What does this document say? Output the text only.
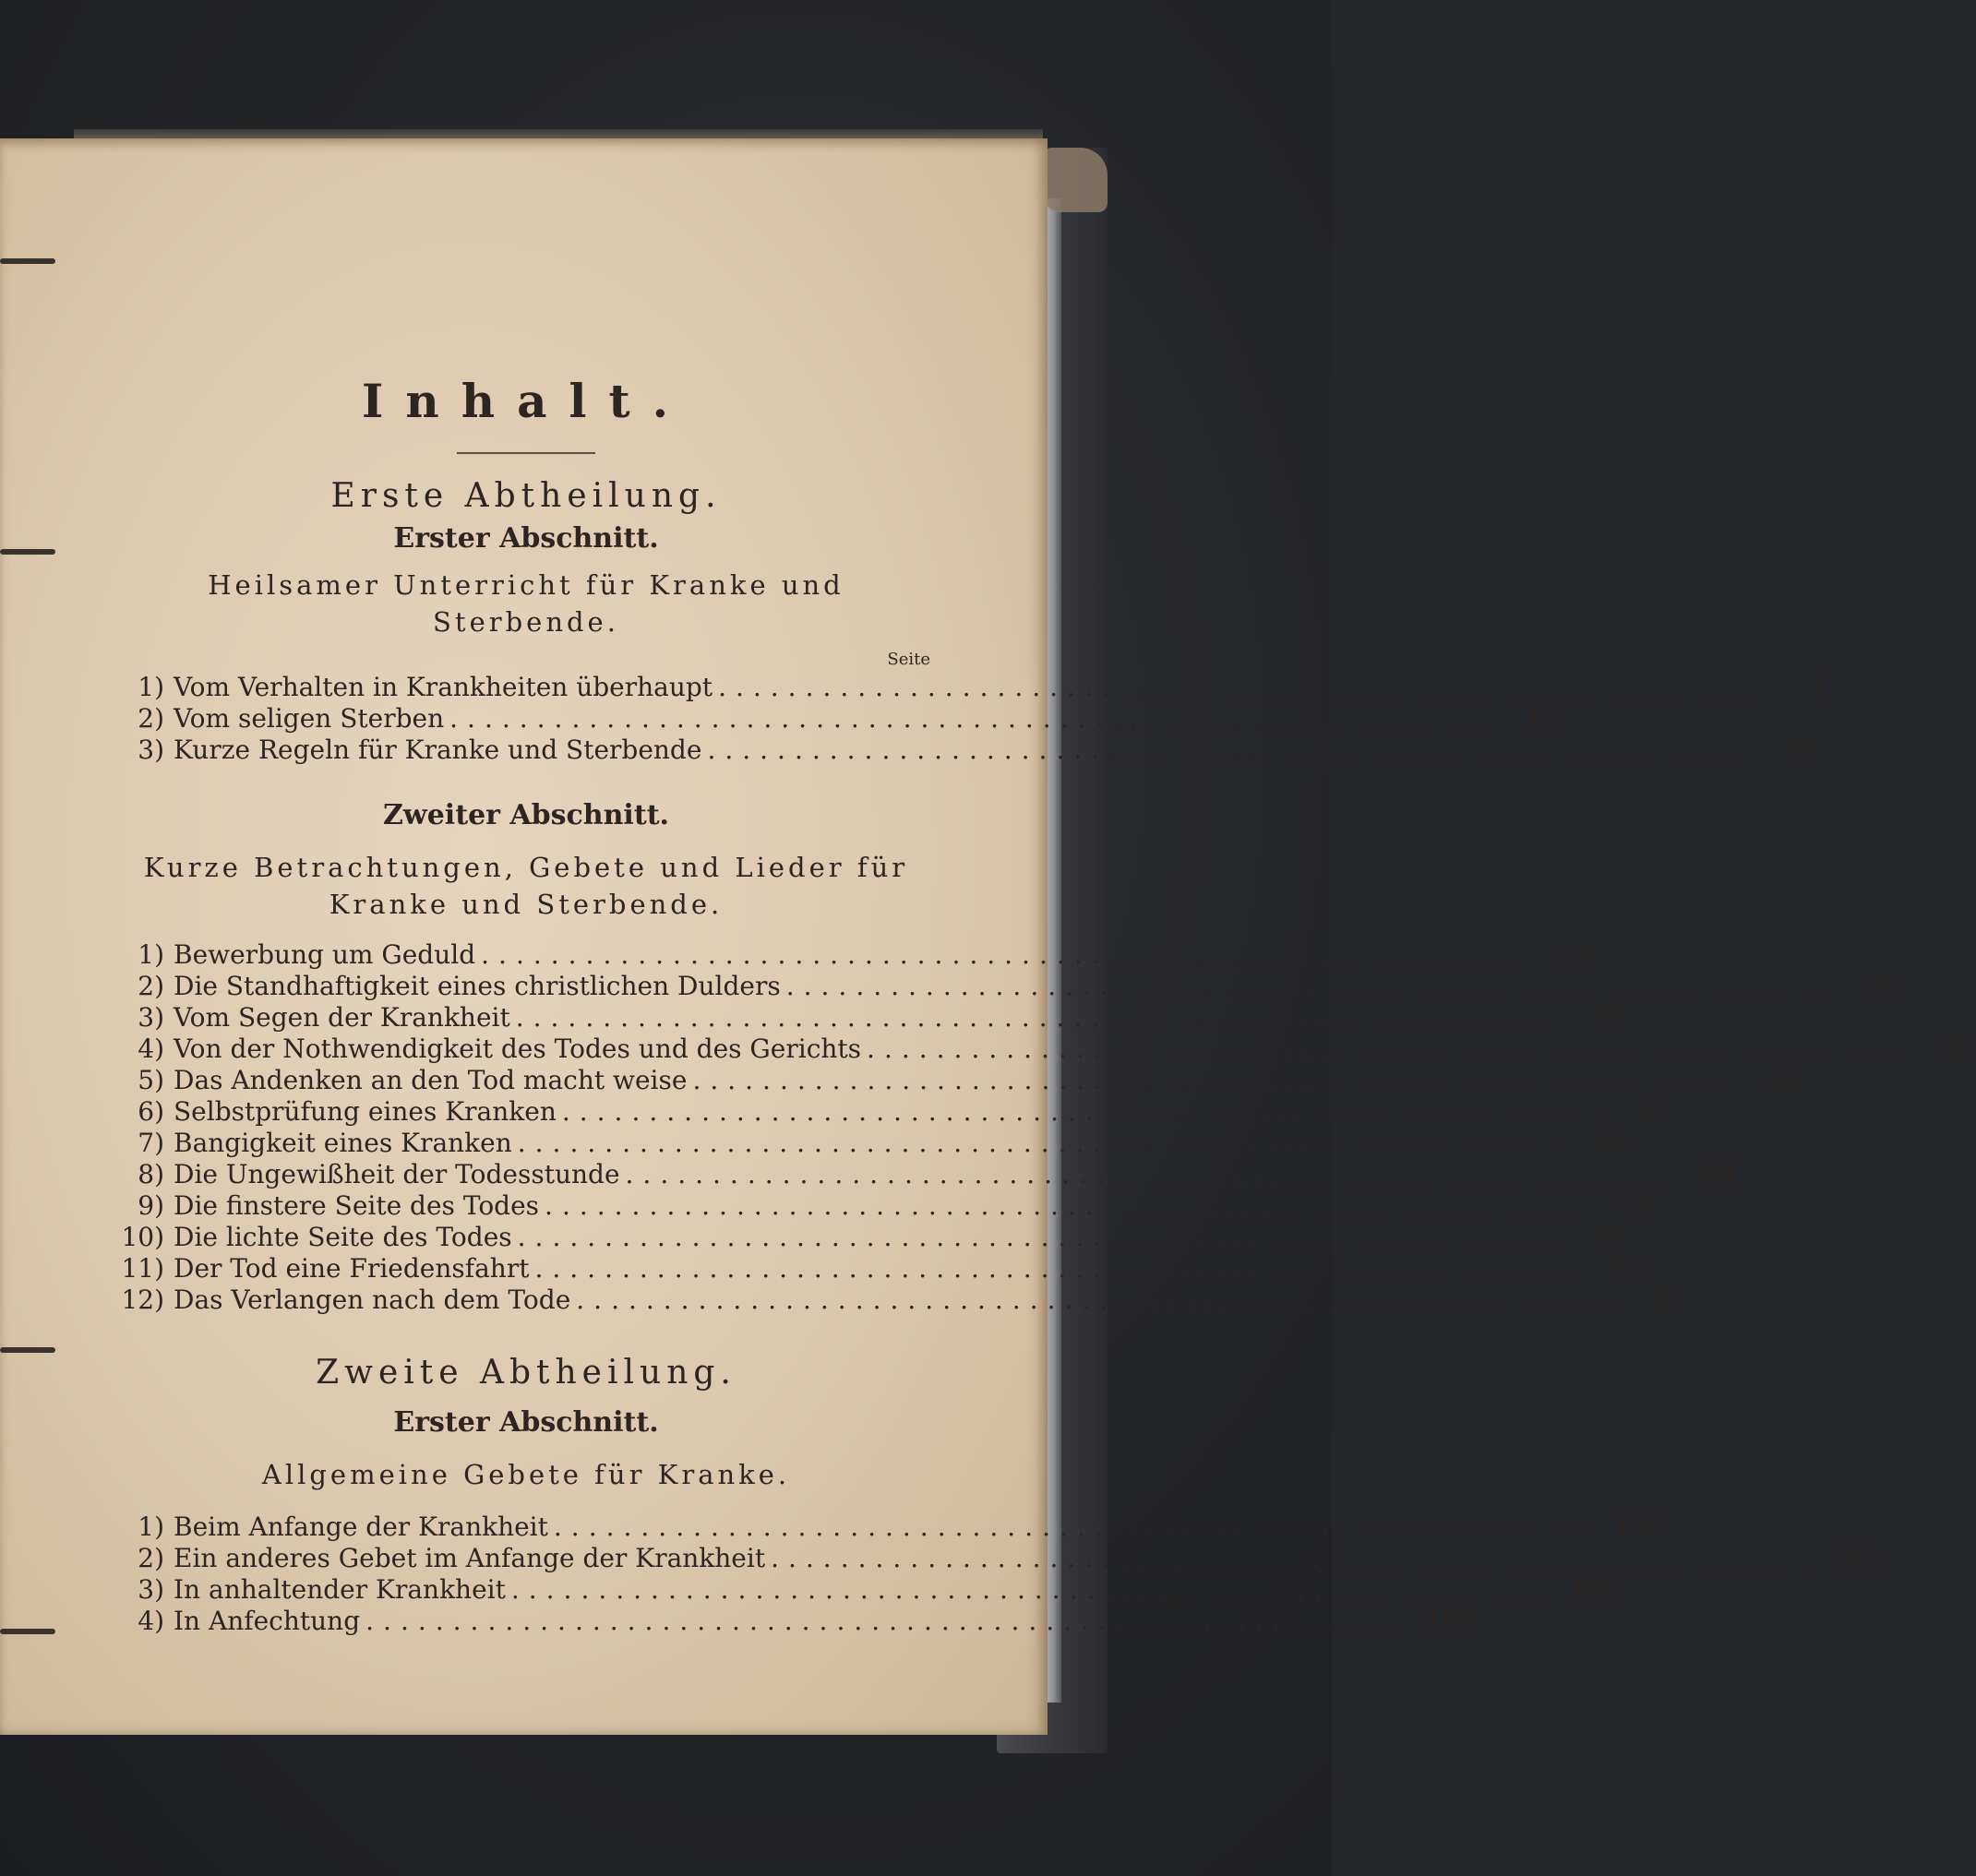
Inhalt.
Erste Abtheilung.
Erster Abschnitt.
Heilsamer Unterricht für Kranke und Sterbende.
Seite
1) Vom Verhalten in Krankheiten überhaupt ............................................................	1
2) Vom seligen Sterben ............................................................	11
3) Kurze Regeln für Kranke und Sterbende ............................................................	17
Zweiter Abschnitt.
Kurze Betrachtungen, Gebete und Lieder für Kranke und Sterbende.
1) Bewerbung um Geduld ............................................................	23
2) Die Standhaftigkeit eines christlichen Dulders ............................................................	28
3) Vom Segen der Krankheit ............................................................	33
4) Von der Nothwendigkeit des Todes und des Gerichts ............................................................	40
5) Das Andenken an den Tod macht weise ............................................................	46
6) Selbstprüfung eines Kranken ............................................................	51
7) Bangigkeit eines Kranken ............................................................	58
8) Die Ungewißheit der Todesstunde ............................................................	64
9) Die finstere Seite des Todes ............................................................	71
10) Die lichte Seite des Todes ............................................................	78
11) Der Tod eine Friedensfahrt ............................................................	85
12) Das Verlangen nach dem Tode ............................................................	92
Zweite Abtheilung.
Erster Abschnitt.
Allgemeine Gebete für Kranke.
1) Beim Anfange der Krankheit ............................................................ 100
2) Ein anderes Gebet im Anfange der Krankheit ............................................................ 102
3) In anhaltender Krankheit ............................................................ 105
4) In Anfechtung ............................................................ 108
